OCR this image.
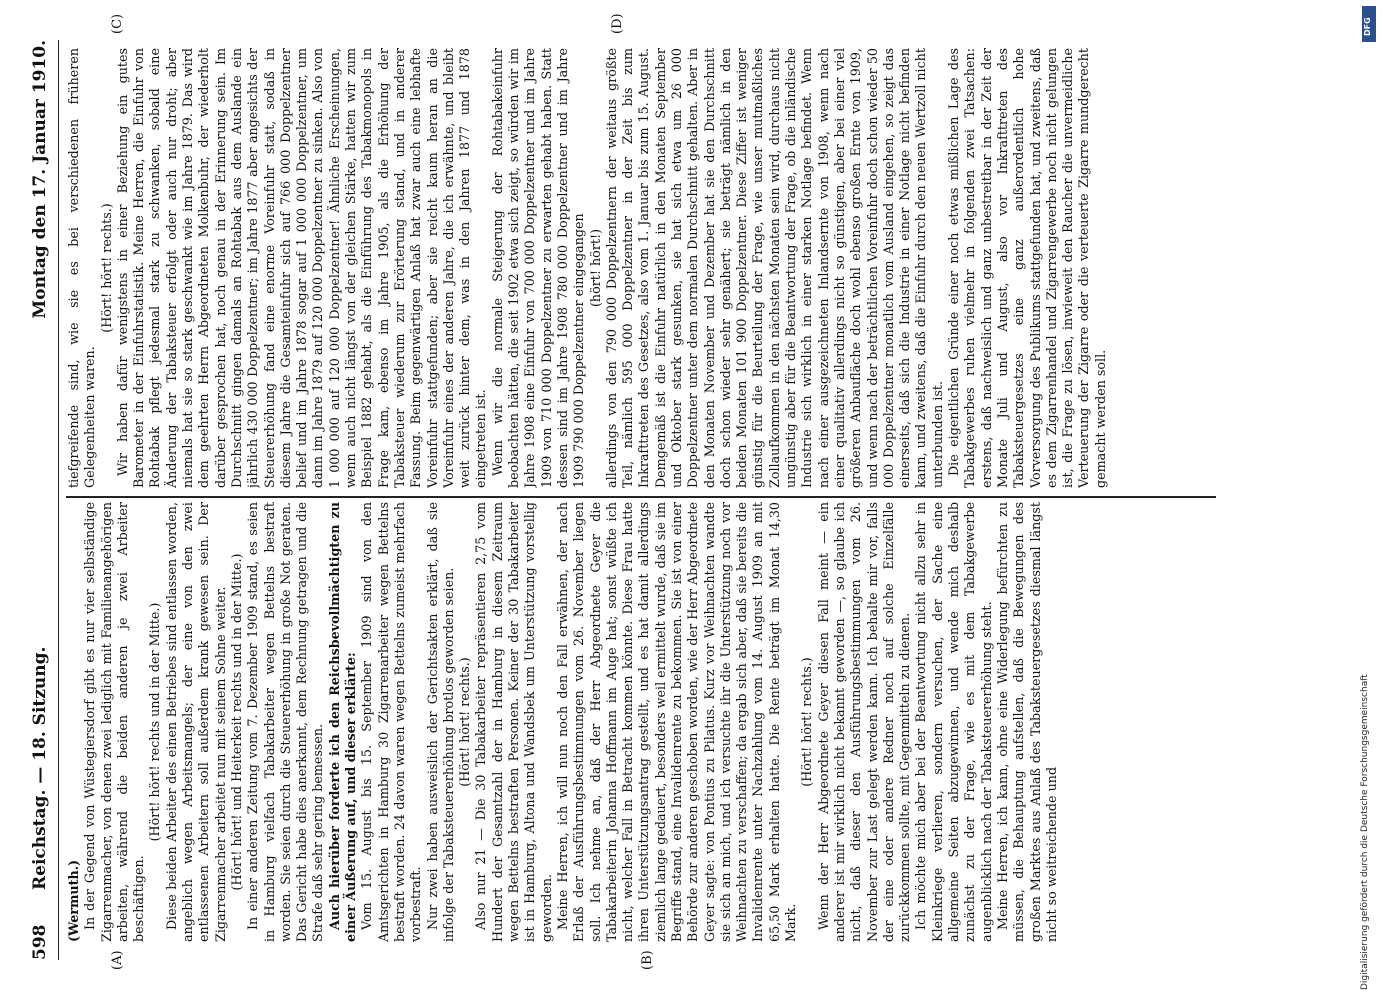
598
Reichstag. — 18. Sitzung.
Montag den 17. Januar 1910.
(A)	(B)
(C)	(D)

(Wermuth.) In der Gegend von Wüstegiersdorf gibt es nur vier selbständige Zigarrenmacher, von denen zwei lediglich mit Familienangehörigen arbeiten, während die beiden anderen je zwei Arbeiter beschäftigen.

(Hört! hört! rechts und in der Mitte.) Diese beiden Arbeiter des einen Betriebes sind entlassen worden, angeblich wegen Arbeitsmangels; der eine von den zwei entlassenen Arbeitern soll außerdem krank gewesen sein. Der Zigarrenmacher arbeitet nun mit seinem Sohne weiter. (Hört! hört! und Heiterkeit rechts und in der Mitte.) In einer anderen Zeitung vom 7. Dezember 1909 stand, es seien in Hamburg vielfach Tabakarbeiter wegen Bettelns bestraft worden. Sie seien durch die Steuererhöhung in große Not geraten. Das Gericht habe dies anerkannt, dem Rechnung getragen und die Strafe daß sehr gering bemessen. Auch hierüber forderte ich den Reichsbevollmächtigten zu einer Äußerung auf, und dieser erklärte: Vom 15. August bis 15. September 1909 sind von den Amtsgerichten in Hamburg 30 Zigarrenarbeiter wegen Bettelns bestraft worden. 24 davon waren wegen Bettelns zumeist mehrfach vorbestraft. Nur zwei haben ausweislich der Gerichtsakten erklärt, daß sie infolge der Tabaksteuererhöhung brotlos geworden seien. (Hört! hört! rechts.) Also nur 21 — Die 30 Tabakarbeiter repräsentieren 2,75 vom Hundert der Gesamtzahl der in Hamburg in diesem Zeitraum wegen Bettelns bestraften Personen. Keiner der 30 Tabakarbeiter ist in Hamburg, Altona und Wandsbek um Unterstützung vorstellig geworden. Meine Herren, ich will nun noch den Fall erwähnen, der nach Erlaß der Ausführungsbestimmungen vom 26. November liegen soll. Ich nehme an, daß der Herr Abgeordnete Geyer die Tabakarbeiterin Johanna Hoffmann im Auge hat; sonst wüßte ich nicht, welcher Fall in Betracht kommen könnte. Diese Frau hatte ihren Unterstützungsantrag gestellt, und es hat damit allerdings ziemlich lange gedauert, besonders weil ermittelt wurde, daß sie im Begriffe stand, eine Invalidenrente zu bekommen. Sie ist von einer Behörde zur anderen geschoben worden, wie der Herr Abgeordnete Geyer sagte: von Pontius zu Pilatus. Kurz vor Weihnachten wandte sie sich an mich, und ich versuchte ihr die Unterstützung noch vor Weihnachten zu verschaffen; da ergab sich aber, daß sie bereits die Invalidenrente unter Nachzahlung vom 14. August 1909 an mit 65,50 Mark erhalten hatte. Die Rente beträgt im Monat 14,30 Mark.

(Hört! hört! rechts.) Wenn der Herr Abgeordnete Geyer diesen Fall meint — ein anderer ist mir wirklich nicht bekannt geworden —, so glaube ich nicht, daß dieser den Ausführungsbestimmungen vom 26. November zur Last gelegt werden kann. Ich behalte mir vor, falls der eine oder andere Redner noch auf solche Einzelfälle zurückkommen sollte, mit Gegenmitteln zu dienen. Ich möchte mich aber bei der Beantwortung nicht allzu sehr in Kleinkriege verlieren, sondern versuchen, der Sache eine allgemeine Seiten abzugewinnen, und wende mich deshalb zunächst zu der Frage, wie es mit dem Tabakgewerbe augenblicklich nach der Tabaksteuererhöhung steht. Meine Herren, ich kann, ohne eine Widerlegung befürchten zu müssen, die Behauptung aufstellen, daß die Bewegungen des großen Marktes aus Anlaß des Tabaksteuergesetzes diesmal längst nicht so weitreichende und

tiefgreifende sind, wie sie es bei verschiedenen früheren Gelegenheiten waren.

(Hört! hört! rechts.) Wir haben dafür wenigstens in einer Beziehung ein gutes Barometer in der Einfuhrstatistik. Meine Herren, die Einfuhr von Rohtabak pflegt jedesmal stark zu schwanken, sobald eine Änderung der Tabaksteuer erfolgt oder auch nur droht; aber niemals hat sie so stark geschwankt wie im Jahre 1879. Das wird dem geehrten Herrn Abgeordneten Molkenbuhr, der wiederholt darüber gesprochen hat, noch genau in der Erinnerung sein. Im Durchschnitt gingen damals an Rohtabak aus dem Auslande ein jährlich 430 000 Doppelzentner; im Jahre 1877 aber angesichts der Steuererhöhung fand eine enorme Voreinfuhr statt, sodaß in diesem Jahre die Gesamteinfuhr sich auf 766 000 Doppelzentner belief und im Jahre 1878 sogar auf 1 000 000 Doppelzentner, um dann im Jahre 1879 auf 120 000 Doppelzentner zu sinken. Also von 1 000 000 auf 120 000 Doppelzentner! Ähnliche Erscheinungen, wenn auch nicht längst von der gleichen Stärke, hatten wir zum Beispiel 1882 gehabt, als die Einführung des Tabakmonopols in Frage kam, ebenso im Jahre 1905, als die Erhöhung der Tabaksteuer wiederum zur Erörterung stand, und in anderer Fassung. Beim gegenwärtigen Anlaß hat zwar auch eine lebhafte Voreinfuhr stattgefunden; aber sie reicht kaum heran an die Voreinfuhr eines der anderen Jahre, die ich erwähnte, und bleibt weit zurück hinter dem, was in den Jahren 1877 und 1878 eingetreten ist. Wenn wir die normale Steigerung der Rohtabakeinfuhr beobachten hätten, die seit 1902 etwa sich zeigt, so würden wir im Jahre 1908 eine Einfuhr von 700 000 Doppelzentner und im Jahre 1909 von 710 000 Doppelzentner zu erwarten gehabt haben. Statt dessen sind im Jahre 1908 780 000 Doppelzentner und im Jahre 1909 790 000 Doppelzentner eingegangen (hört! hört!) allerdings von den 790 000 Doppelzentnern der weitaus größte Teil, nämlich 595 000 Doppelzentner in der Zeit bis zum Inkrafttreten des Gesetzes, also vom 1. Januar bis zum 15. August. Demgemäß ist die Einfuhr natürlich in den Monaten September und Oktober stark gesunken, sie hat sich etwa um 26 000 Doppelzentner unter dem normalen Durchschnitt gehalten. Aber in den Monaten November und Dezember hat sie den Durchschnitt doch schon wieder sehr genähert; sie beträgt nämlich in den beiden Monaten 101 900 Doppelzentner. Diese Ziffer ist weniger günstig für die Beurteilung der Frage, wie unser mutmaßliches Zollaufkommen in den nächsten Monaten sein wird, durchaus nicht ungünstig aber für die Beantwortung der Frage, ob die inländische Industrie sich wirklich in einer starken Notlage befindet. Wenn nach einer ausgezeichneten Inlandsernte von 1908, wenn nach einer qualitativ allerdings nicht so günstigen, aber bei einer viel größeren Anbaufläche doch wohl ebenso großen Ernte von 1909, und wenn nach der beträchtlichen Voreinfuhr doch schon wieder 50 000 Doppelzentner monatlich vom Ausland eingehen, so zeigt das einerseits, daß sich die Industrie in einer Notlage nicht befinden kann, und zweitens, daß die Einfuhr durch den neuen Wertzoll nicht unterbunden ist. Die eigentlichen Gründe einer noch etwas mißlichen Lage des Tabakgewerbes ruhen vielmehr in folgenden zwei Tatsachen: erstens, daß nachweislich und ganz unbestreitbar in der Zeit der Monate Juli und August, also vor Inkrafttreten des Tabaksteuergesetzes eine ganz außerordentlich hohe Vorversorgung des Publikums stattgefunden hat, und zweitens, daß es dem Zigarrenhandel und Zigarrengewerbe noch nicht gelungen ist, die Frage zu lösen, inwieweit den Raucher die unvermeidliche Verteuerung der Zigarre oder die verteuerte Zigarre mundgerecht gemacht werden soll.

Digitalisierung gefördert durch die Deutsche Forschungsgemeinschaft
DFG
